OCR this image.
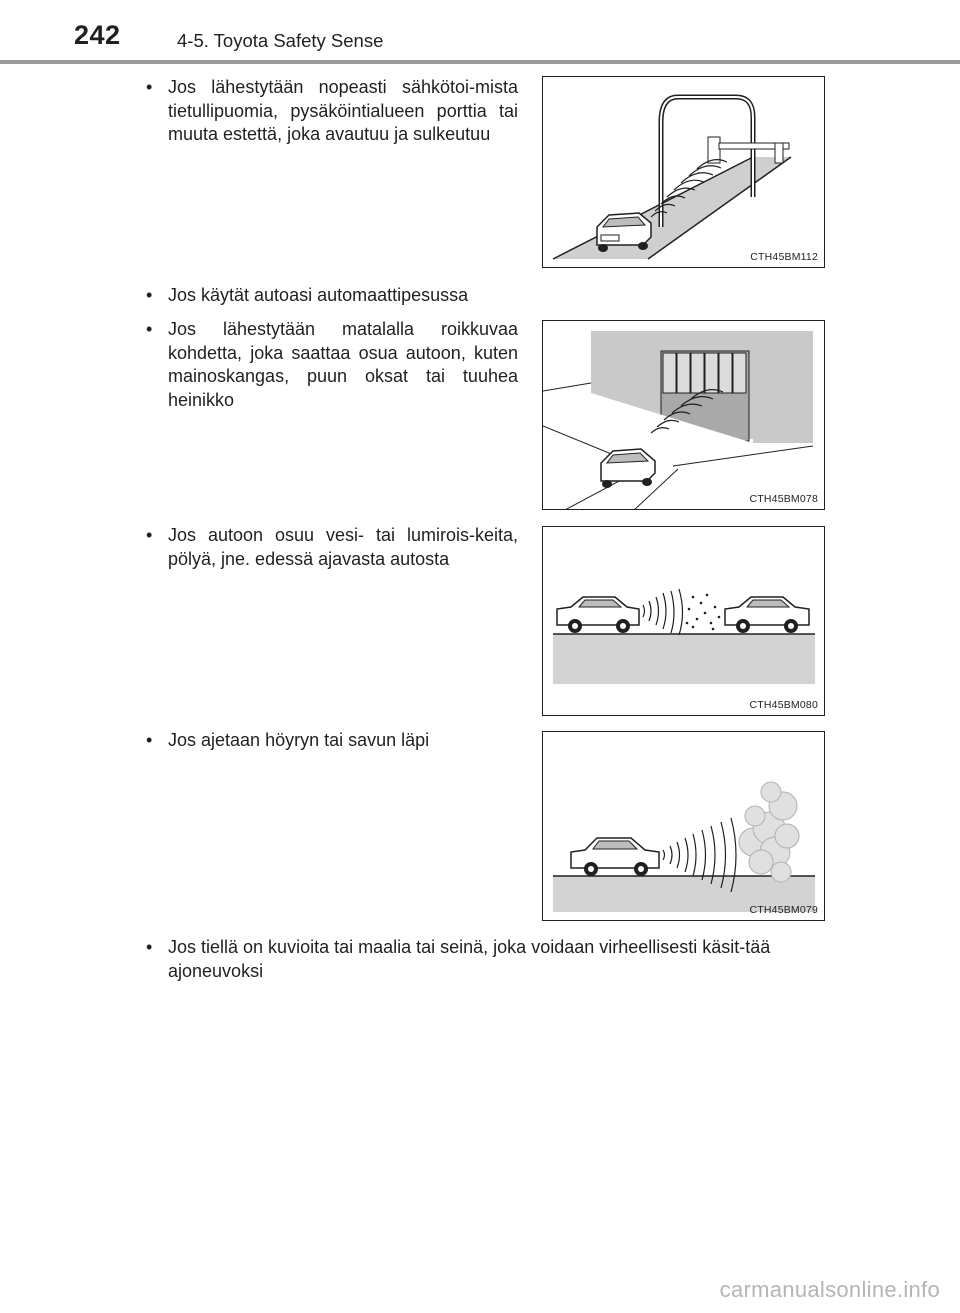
242	4-5. Toyota Safety Sense
• Jos lähestytään nopeasti sähkötoi-mista tietullipuomia, pysäköintialueen porttia tai muuta estettä, joka avautuu ja sulkeutuu
CTH45BM112
• Jos käytät autoasi automaattipesussa
• Jos lähestytään matalalla roikkuvaa kohdetta, joka saattaa osua autoon, kuten mainoskangas, puun oksat tai tuuhea heinikko
CTH45BM078
• Jos autoon osuu vesi- tai lumirois-keita, pölyä, jne. edessä ajavasta autosta
CTH45BM080
• Jos ajetaan höyryn tai savun läpi
CTH45BM079
• Jos tiellä on kuvioita tai maalia tai seinä, joka voidaan virheellisesti käsit-tää ajoneuvoksi
carmanualsonline.info
